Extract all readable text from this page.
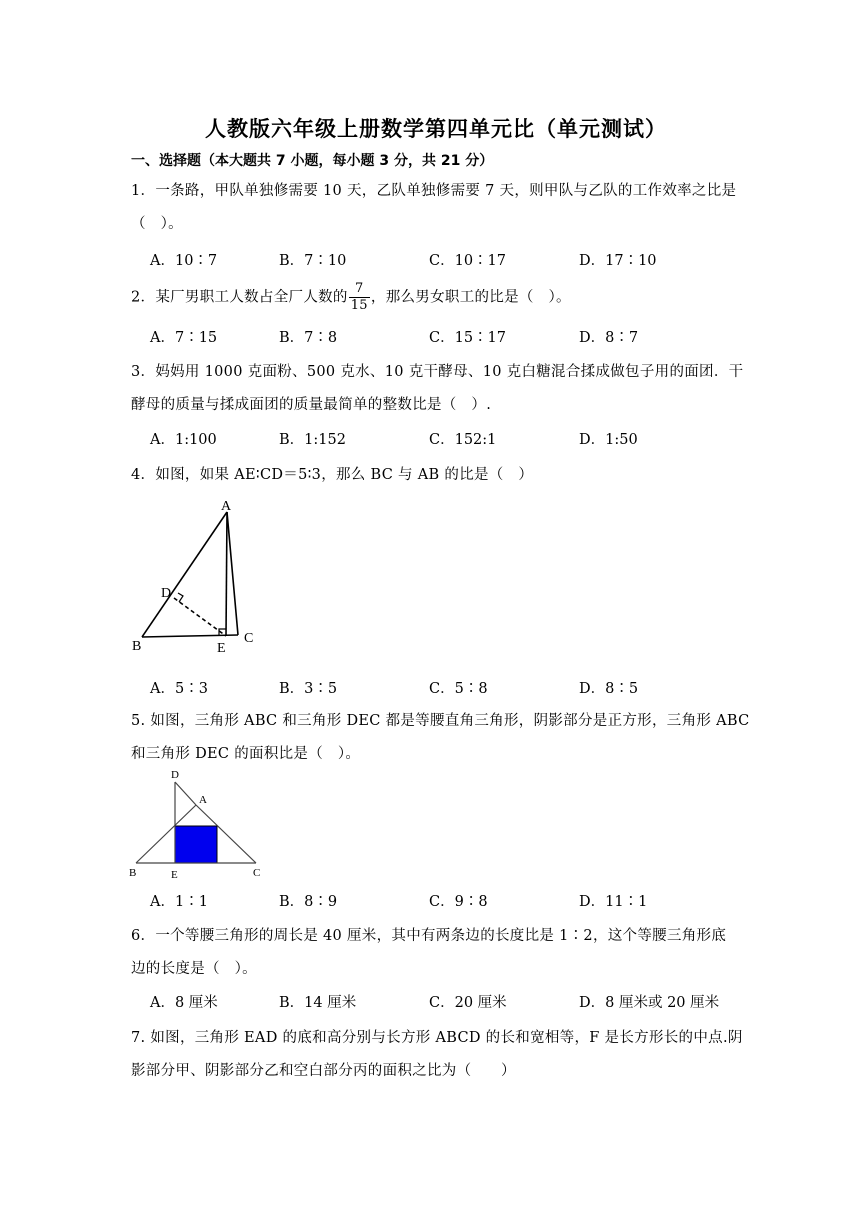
人教版六年级上册数学第四单元比（单元测试）
一、选择题（本大题共 7 小题，每小题 3 分，共 21 分）
1．一条路，甲队单独修需要 10 天，乙队单独修需要 7 天，则甲队与乙队的工作效率之比是
（　）。
A．10∶7	B．7∶10	C．10∶17	D．17∶10
2．某厂男职工人数占全厂人数的 $\frac{7}{15}$ ，那么男女职工的比是（　）。
A．7∶15	B．7∶8	C．15∶17	D．8∶7
3．妈妈用 1000 克面粉、500 克水、10 克干酵母、10 克白糖混合揉成做包子用的面团．干
酵母的质量与揉成面团的质量最简单的整数比是（　）.
A．1:100	B．1:152	C．152:1	D．1:50
4．如图，如果 AE∶CD＝5∶3，那么 BC 与 AB 的比是（　）
A
B
C
D
E
A．5∶3	B．3∶5	C．5∶8	D．8∶5
5. 如图，三角形 ABC 和三角形 DEC 都是等腰直角三角形，阴影部分是正方形，三角形 ABC
和三角形 DEC 的面积比是（　）。
D
A
B	C
E
A．1∶1	B．8∶9	C．9∶8	D．11∶1
6．一个等腰三角形的周长是 40 厘米，其中有两条边的长度比是 1∶2，这个等腰三角形底
边的长度是（　）。
A．8 厘米	B．14 厘米	C．20 厘米	D．8 厘米或 20 厘米
7. 如图，三角形 EAD 的底和高分别与长方形 ABCD 的长和宽相等，F 是长方形长的中点.阴
影部分甲、阴影部分乙和空白部分丙的面积之比为（　　）
